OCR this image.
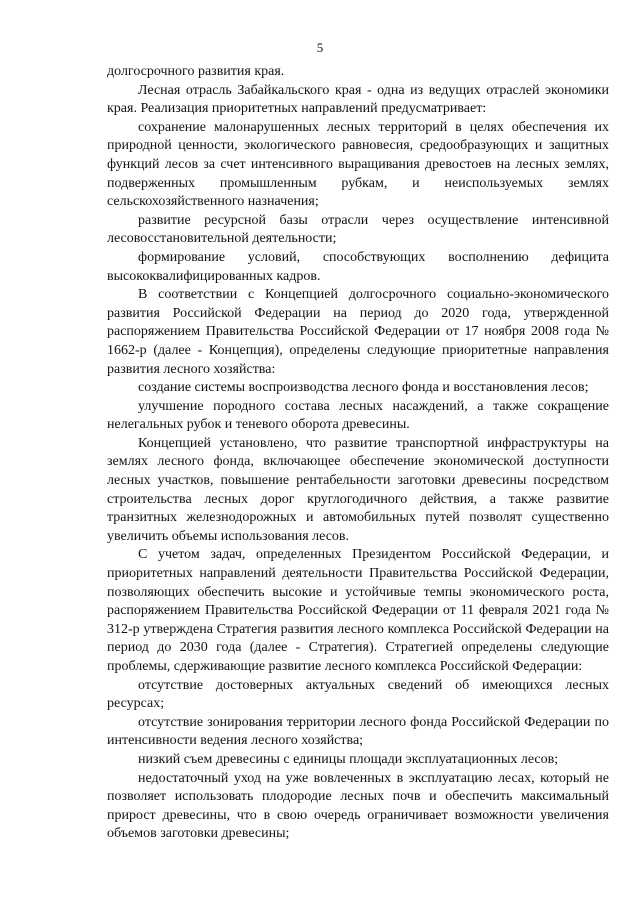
5

долгосрочного развития края.

Лесная отрасль Забайкальского края - одна из ведущих отраслей экономики края. Реализация приоритетных направлений предусматривает:

сохранение малонарушенных лесных территорий в целях обеспечения их природной ценности, экологического равновесия, средообразующих и защитных функций лесов за счет интенсивного выращивания древостоев на лесных землях, подверженных промышленным рубкам, и неиспользуемых землях сельскохозяйственного назначения;

развитие ресурсной базы отрасли через осуществление интенсивной лесовосстановительной деятельности;

формирование условий, способствующих восполнению дефицита высококвалифицированных кадров.

В соответствии с Концепцией долгосрочного социально-экономического развития Российской Федерации на период до 2020 года, утвержденной распоряжением Правительства Российской Федерации от 17 ноября 2008 года № 1662-р (далее - Концепция), определены следующие приоритетные направления развития лесного хозяйства:

создание системы воспроизводства лесного фонда и восстановления лесов;

улучшение породного состава лесных насаждений, а также сокращение нелегальных рубок и теневого оборота древесины.

Концепцией установлено, что развитие транспортной инфраструктуры на землях лесного фонда, включающее обеспечение экономической доступности лесных участков, повышение рентабельности заготовки древесины посредством строительства лесных дорог круглогодичного действия, а также развитие транзитных железнодорожных и автомобильных путей позволят существенно увеличить объемы использования лесов.

С учетом задач, определенных Президентом Российской Федерации, и приоритетных направлений деятельности Правительства Российской Федерации, позволяющих обеспечить высокие и устойчивые темпы экономического роста, распоряжением Правительства Российской Федерации от 11 февраля 2021 года № 312-р утверждена Стратегия развития лесного комплекса Российской Федерации на период до 2030 года (далее - Стратегия). Стратегией определены следующие проблемы, сдерживающие развитие лесного комплекса Российской Федерации:

отсутствие достоверных актуальных сведений об имеющихся лесных ресурсах;

отсутствие зонирования территории лесного фонда Российской Федерации по интенсивности ведения лесного хозяйства;

низкий съем древесины с единицы площади эксплуатационных лесов;

недостаточный уход на уже вовлеченных в эксплуатацию лесах, который не позволяет использовать плодородие лесных почв и обеспечить максимальный прирост древесины, что в свою очередь ограничивает возможности увеличения объемов заготовки древесины;
